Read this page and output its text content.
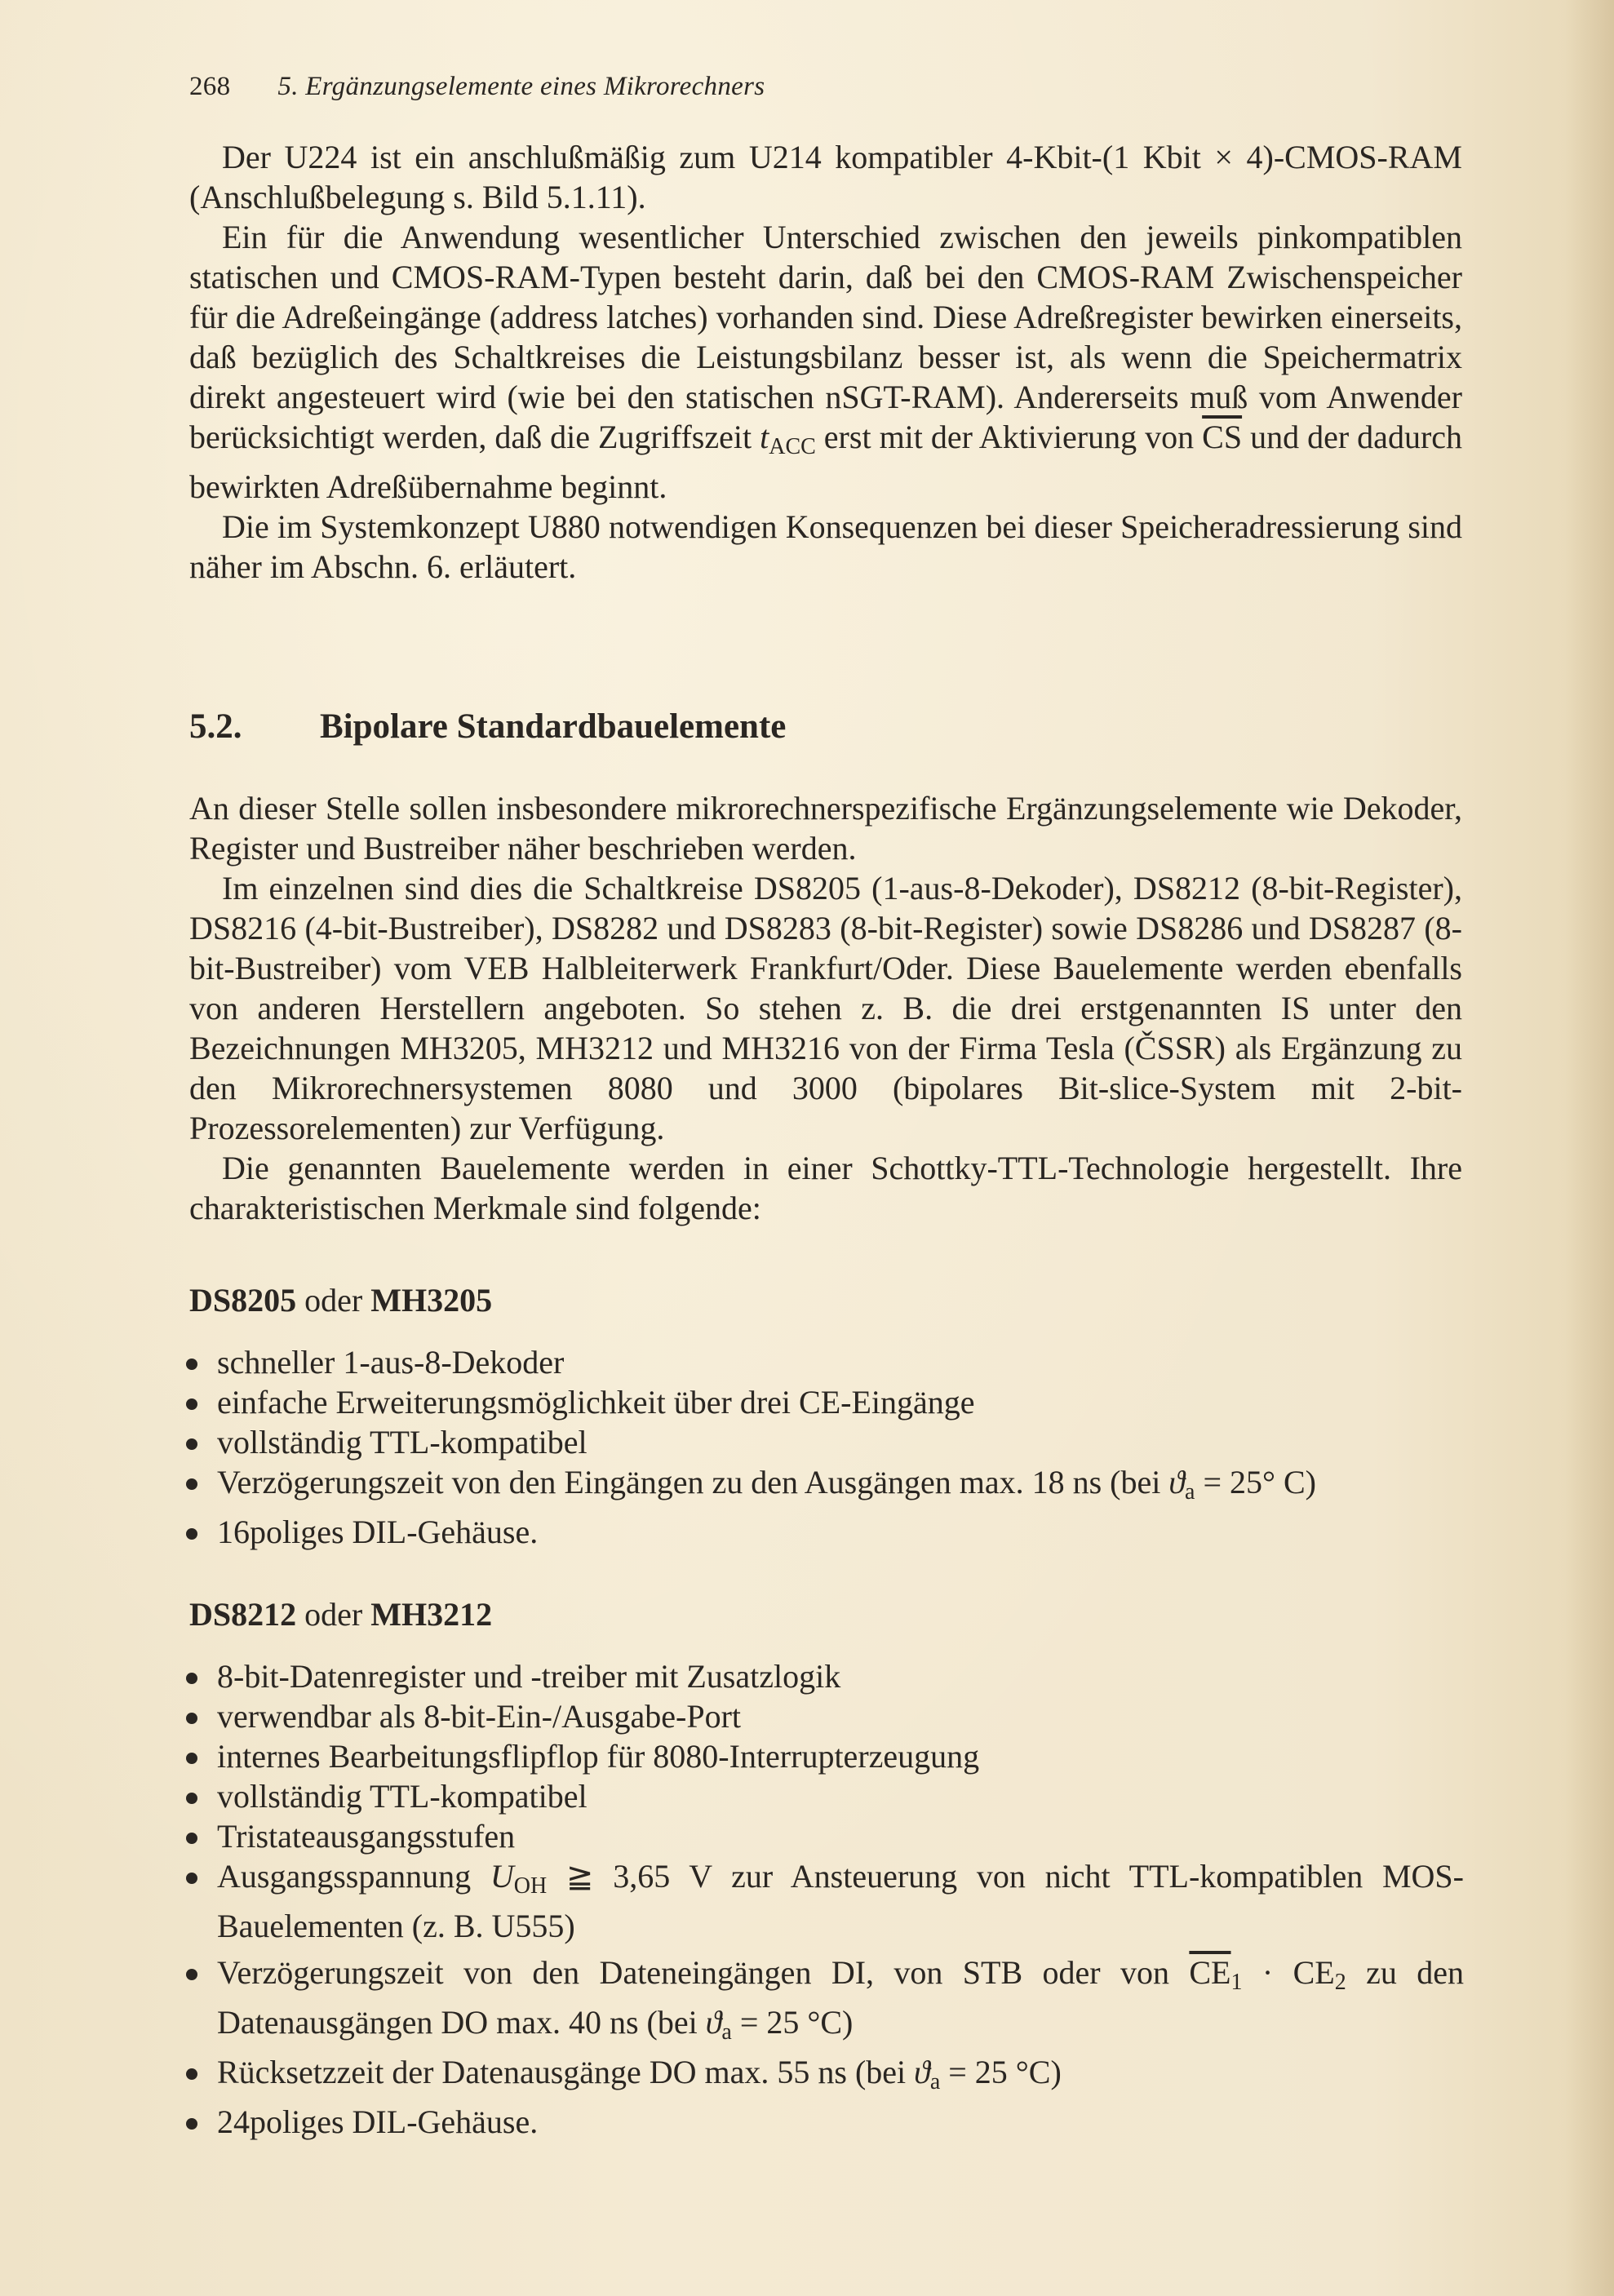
268 5. Ergänzungselemente eines Mikrorechners

Der U224 ist ein anschlußmäßig zum U214 kompatibler 4-Kbit-(1 Kbit × 4)-CMOS-RAM (Anschlußbelegung s. Bild 5.1.11).

Ein für die Anwendung wesentlicher Unterschied zwischen den jeweils pinkompatiblen statischen und CMOS-RAM-Typen besteht darin, daß bei den CMOS-RAM Zwischenspeicher für die Adreßeingänge (address latches) vorhanden sind. Diese Adreßregister bewirken einerseits, daß bezüglich des Schaltkreises die Leistungsbilanz besser ist, als wenn die Speichermatrix direkt angesteuert wird (wie bei den statischen nSGT-RAM). Andererseits muß vom Anwender berücksichtigt werden, daß die Zugriffszeit $t_{ACC}$ erst mit der Aktivierung von $\overline{CS}$ und der dadurch bewirkten Adreßübernahme beginnt.

Die im Systemkonzept U880 notwendigen Konsequenzen bei dieser Speicheradressierung sind näher im Abschn. 6. erläutert.

5.2. Bipolare Standardbauelemente

An dieser Stelle sollen insbesondere mikrorechnerspezifische Ergänzungselemente wie Dekoder, Register und Bustreiber näher beschrieben werden.

Im einzelnen sind dies die Schaltkreise DS8205 (1-aus-8-Dekoder), DS8212 (8-bit-Register), DS8216 (4-bit-Bustreiber), DS8282 und DS8283 (8-bit-Register) sowie DS8286 und DS8287 (8-bit-Bustreiber) vom VEB Halbleiterwerk Frankfurt/Oder. Diese Bauelemente werden ebenfalls von anderen Herstellern angeboten. So stehen z. B. die drei erstgenannten IS unter den Bezeichnungen MH3205, MH3212 und MH3216 von der Firma Tesla (ČSSR) als Ergänzung zu den Mikrorechnersystemen 8080 und 3000 (bipolares Bit-slice-System mit 2-bit-Prozessorelementen) zur Verfügung.

Die genannten Bauelemente werden in einer Schottky-TTL-Technologie hergestellt. Ihre charakteristischen Merkmale sind folgende:

DS8205 oder MH3205
schneller 1-aus-8-Dekoder
einfache Erweiterungsmöglichkeit über drei CE-Eingänge
vollständig TTL-kompatibel
Verzögerungszeit von den Eingängen zu den Ausgängen max. 18 ns (bei $ϑ_a = 25^\circ$ C)
16poliges DIL-Gehäuse.
DS8212 oder MH3212
8-bit-Datenregister und -treiber mit Zusatzlogik
verwendbar als 8-bit-Ein-/Ausgabe-Port
internes Bearbeitungsflipflop für 8080-Interrupterzeugung
vollständig TTL-kompatibel
Tristateausgangsstufen
Ausgangsspannung $U_{OH}$ ≧ 3,65 V zur Ansteuerung von nicht TTL-kompatiblen MOS-Bauelementen (z. B. U555)
Verzögerungszeit von den Dateneingängen DI, von STB oder von $\overline{CE}_1 \cdot CE_2$ zu den Datenausgängen DO max. 40 ns (bei $ϑ_a = 25$ °C)
Rücksetzzeit der Datenausgänge DO max. 55 ns (bei $ϑ_a = 25$ °C)
24poliges DIL-Gehäuse.
